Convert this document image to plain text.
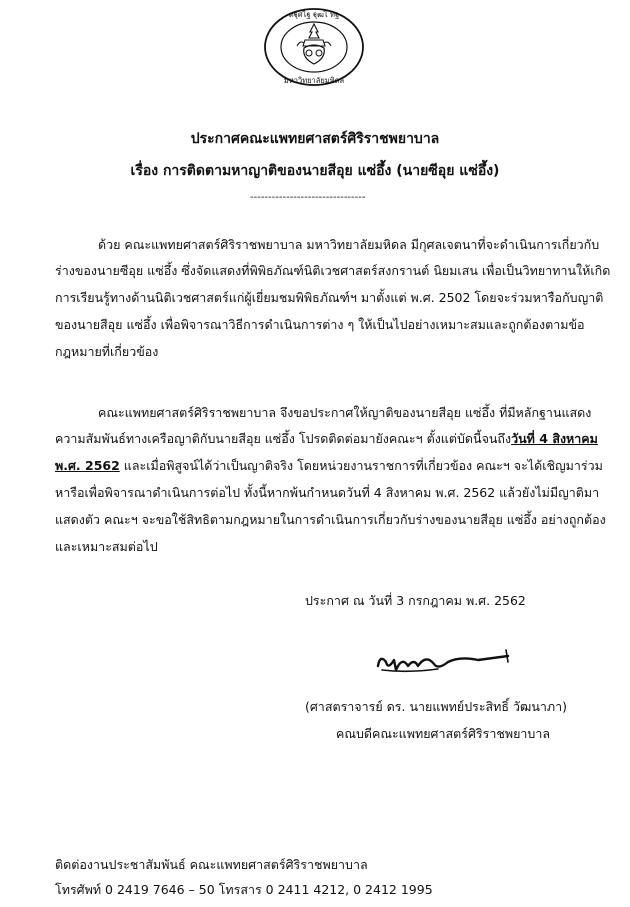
ดฐุศไฐ ฐุฒไ ทฐ
มหาวิทยาลัยมหิดล
ประกาศคณะแพทยศาสตร์ศิริราชพยาบาล
เรื่อง การติดตามหาญาติของนายสีอุย แซ่อึ้ง (นายซีอุย แซ่อึ้ง)
--------------------------------
ด้วย คณะแพทยศาสตร์ศิริราชพยาบาล มหาวิทยาลัยมหิดล มีกุศลเจตนาที่จะดำเนินการเกี่ยวกับ
ร่างของนายซีอุย แซ่อึ้ง ซึ่งจัดแสดงที่พิพิธภัณฑ์นิติเวชศาสตร์สงกรานต์ นิยมเสน เพื่อเป็นวิทยาทานให้เกิด
การเรียนรู้ทางด้านนิติเวชศาสตร์แก่ผู้เยี่ยมชมพิพิธภัณฑ์ฯ มาตั้งแต่ พ.ศ. 2502 โดยจะร่วมหารือกับญาติ
ของนายสีอุย แซ่อึ้ง เพื่อพิจารณาวิธีการดำเนินการต่าง ๆ ให้เป็นไปอย่างเหมาะสมและถูกต้องตามข้อ
กฎหมายที่เกี่ยวข้อง
คณะแพทยศาสตร์ศิริราชพยาบาล จึงขอประกาศให้ญาติของนายสีอุย แซ่อึ้ง ที่มีหลักฐานแสดง
ความสัมพันธ์ทางเครือญาติกับนายสีอุย แซ่อึ้ง โปรดติดต่อมายังคณะฯ ตั้งแต่บัดนี้จนถึงวันที่ 4 สิงหาคม
พ.ศ. 2562 และเมื่อพิสูจน์ได้ว่าเป็นญาติจริง โดยหน่วยงานราชการที่เกี่ยวข้อง คณะฯ จะได้เชิญมาร่วม
หารือเพื่อพิจารณาดำเนินการต่อไป ทั้งนี้หากพ้นกำหนดวันที่ 4 สิงหาคม พ.ศ. 2562 แล้วยังไม่มีญาติมา
แสดงตัว คณะฯ จะขอใช้สิทธิตามกฎหมายในการดำเนินการเกี่ยวกับร่างของนายสีอุย แซ่อึ้ง อย่างถูกต้อง
และเหมาะสมต่อไป
ประกาศ ณ วันที่ 3 กรกฎาคม พ.ศ. 2562
(ศาสตราจารย์ ดร. นายแพทย์ประสิทธิ์ วัฒนาภา)
คณบดีคณะแพทยศาสตร์ศิริราชพยาบาล
ติดต่องานประชาสัมพันธ์ คณะแพทยศาสตร์ศิริราชพยาบาล
โทรศัพท์ 0 2419 7646 – 50 โทรสาร 0 2411 4212, 0 2412 1995
